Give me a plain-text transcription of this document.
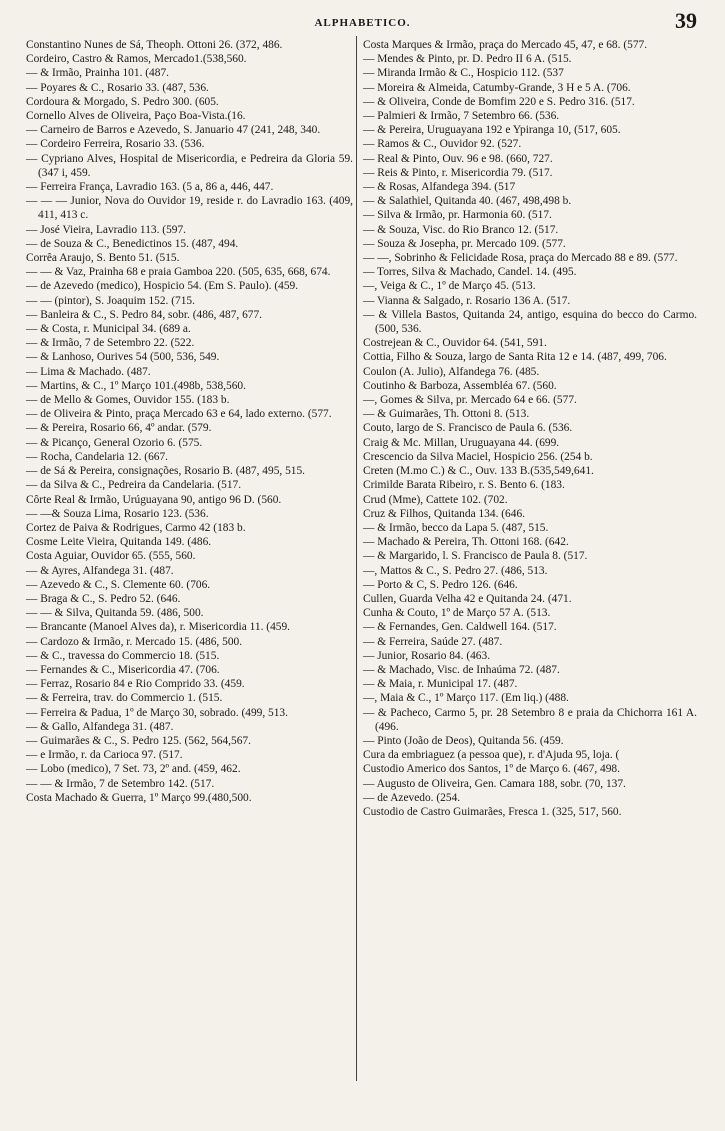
ALPHABETICO.	39
Constantino Nunes de Sá, Theoph. Ottoni 26. (372, 486.
Cordeiro, Castro & Ramos, Mercado1.(538,560.
— & Irmão, Prainha 101. (487.
— Poyares & C., Rosario 33. (487, 536.
Cordoura & Morgado, S. Pedro 300. (605.
Cornello Alves de Oliveira, Paço Boa-Vista.(16.
— Carneiro de Barros e Azevedo, S. Januario 47 (241, 248, 340.
— Cordeiro Ferreira, Rosario 33. (536.
— Cypriano Alves, Hospital de Misericordia, e Pedreira da Gloria 59. (347 i, 459.
— Ferreira França, Lavradio 163. (5 a, 86 a, 446, 447.
— — — Junior, Nova do Ouvidor 19, reside r. do Lavradio 163. (409, 411, 413 c.
— José Vieira, Lavradio 113. (597.
— de Souza & C., Benedictinos 15. (487, 494.
Corrêa Araujo, S. Bento 51. (515.
— — & Vaz, Prainha 68 e praia Gamboa 220. (505, 635, 668, 674.
— de Azevedo (medico), Hospicio 54. (Em S. Paulo). (459.
— — (pintor), S. Joaquim 152. (715.
— Banleira & C., S. Pedro 84, sobr. (486, 487, 677.
— & Costa, r. Municipal 34. (689 a.
— & Irmão, 7 de Setembro 22. (522.
— & Lanhoso, Ourives 54 (500, 536, 549.
— Lima & Machado. (487.
— Martins, & C., 1º Março 101.(498b, 538,560.
— de Mello & Gomes, Ouvidor 155. (183 b.
— de Oliveira & Pinto, praça Mercado 63 e 64, lado externo. (577.
— & Pereira, Rosario 66, 4º andar. (579.
— & Picanço, General Ozorio 6. (575.
— Rocha, Candelaria 12. (667.
— de Sá & Pereira, consignações, Rosario B. (487, 495, 515.
— da Silva & C., Pedreira da Candelaria. (517.
Côrte Real & Irmão, Urúguayana 90, antigo 96 D. (560.
— —& Souza Lima, Rosario 123. (536.
Cortez de Paiva & Rodrigues, Carmo 42 (183 b.
Cosme Leite Vieira, Quitanda 149. (486.
Costa Aguiar, Ouvidor 65. (555, 560.
— & Ayres, Alfandega 31. (487.
— Azevedo & C., S. Clemente 60. (706.
— Braga & C., S. Pedro 52. (646.
— — & Silva, Quitanda 59. (486, 500.
— Brancante (Manoel Alves da), r. Misericordia 11. (459.
— Cardozo & Irmão, r. Mercado 15. (486, 500.
— & C., travessa do Commercio 18. (515.
— Fernandes & C., Misericordia 47. (706.
— Ferraz, Rosario 84 e Rio Comprido 33. (459.
— & Ferreira, trav. do Commercio 1. (515.
— Ferreira & Padua, 1º de Março 30, sobrado. (499, 513.
— & Gallo, Alfandega 31. (487.
— Guimarães & C., S. Pedro 125. (562, 564,567.
— e Irmão, r. da Carioca 97. (517.
— Lobo (medico), 7 Set. 73, 2º and. (459, 462.
— — & Irmão, 7 de Setembro 142. (517.
Costa Machado & Guerra, 1º Março 99.(480,500.
Costa Marques & Irmão, praça do Mercado 45, 47, e 68. (577.
— Mendes & Pinto, pr. D. Pedro II 6 A. (515.
— Miranda Irmão & C., Hospicio 112. (537
— Moreira & Almeida, Catumby-Grande, 3 H e 5 A. (706.
— & Oliveira, Conde de Bomfim 220 e S. Pedro 316. (517.
— Palmieri & Irmão, 7 Setembro 66. (536.
— & Pereira, Uruguayana 192 e Ypiranga 10, (517, 605.
— Ramos & C., Ouvidor 92. (527.
— Real & Pinto, Ouv. 96 e 98. (660, 727.
— Reis & Pinto, r. Misericordia 79. (517.
— & Rosas, Alfandega 394. (517
— & Salathiel, Quitanda 40. (467, 498,498 b.
— Silva & Irmão, pr. Harmonia 60. (517.
— & Souza, Visc. do Rio Branco 12. (517.
— Souza & Josepha, pr. Mercado 109. (577.
— —, Sobrinho & Felicidade Rosa, praça do Mercado 88 e 89. (577.
— Torres, Silva & Machado, Candel. 14. (495.
—, Veiga & C., 1º de Março 45. (513.
— Vianna & Salgado, r. Rosario 136 A. (517.
— & Villela Bastos, Quitanda 24, antigo, esquina do becco do Carmo. (500, 536.
Costrejean & C., Ouvidor 64. (541, 591.
Cottia, Filho & Souza, largo de Santa Rita 12 e 14. (487, 499, 706.
Coulon (A. Julio), Alfandega 76. (485.
Coutinho & Barboza, Assembléa 67. (560.
—, Gomes & Silva, pr. Mercado 64 e 66. (577.
— & Guimarães, Th. Ottoni 8. (513.
Couto, largo de S. Francisco de Paula 6. (536.
Craig & Mc. Millan, Uruguayana 44. (699.
Crescencio da Silva Maciel, Hospicio 256. (254 b.
Creten (M.mo C.) & C., Ouv. 133 B.(535,549,641.
Crimilde Barata Ribeiro, r. S. Bento 6. (183.
Crud (Mme), Cattete 102. (702.
Cruz & Filhos, Quitanda 134. (646.
— & Irmão, becco da Lapa 5. (487, 515.
— Machado & Pereira, Th. Ottoni 168. (642.
— & Margarido, l. S. Francisco de Paula 8. (517.
—, Mattos & C., S. Pedro 27. (486, 513.
— Porto & C, S. Pedro 126. (646.
Cullen, Guarda Velha 42 e Quitanda 24. (471.
Cunha & Couto, 1º de Março 57 A. (513.
— & Fernandes, Gen. Caldwell 164. (517.
— & Ferreira, Saúde 27. (487.
— Junior, Rosario 84. (463.
— & Machado, Visc. de Inhaúma 72. (487.
— & Maia, r. Municipal 17. (487.
—, Maia & C., 1º Março 117. (Em liq.) (488.
— & Pacheco, Carmo 5, pr. 28 Setembro 8 e praia da Chichorra 161 A. (496.
— Pinto (João de Deos), Quitanda 56. (459.
Cura da embriaguez (a pessoa que), r. d'Ajuda 95, loja. (
Custodio Americo dos Santos, 1º de Março 6. (467, 498.
— Augusto de Oliveira, Gen. Camara 188, sobr. (70, 137.
— de Azevedo. (254.
Custodio de Castro Guimarães, Fresca 1. (325, 517, 560.
